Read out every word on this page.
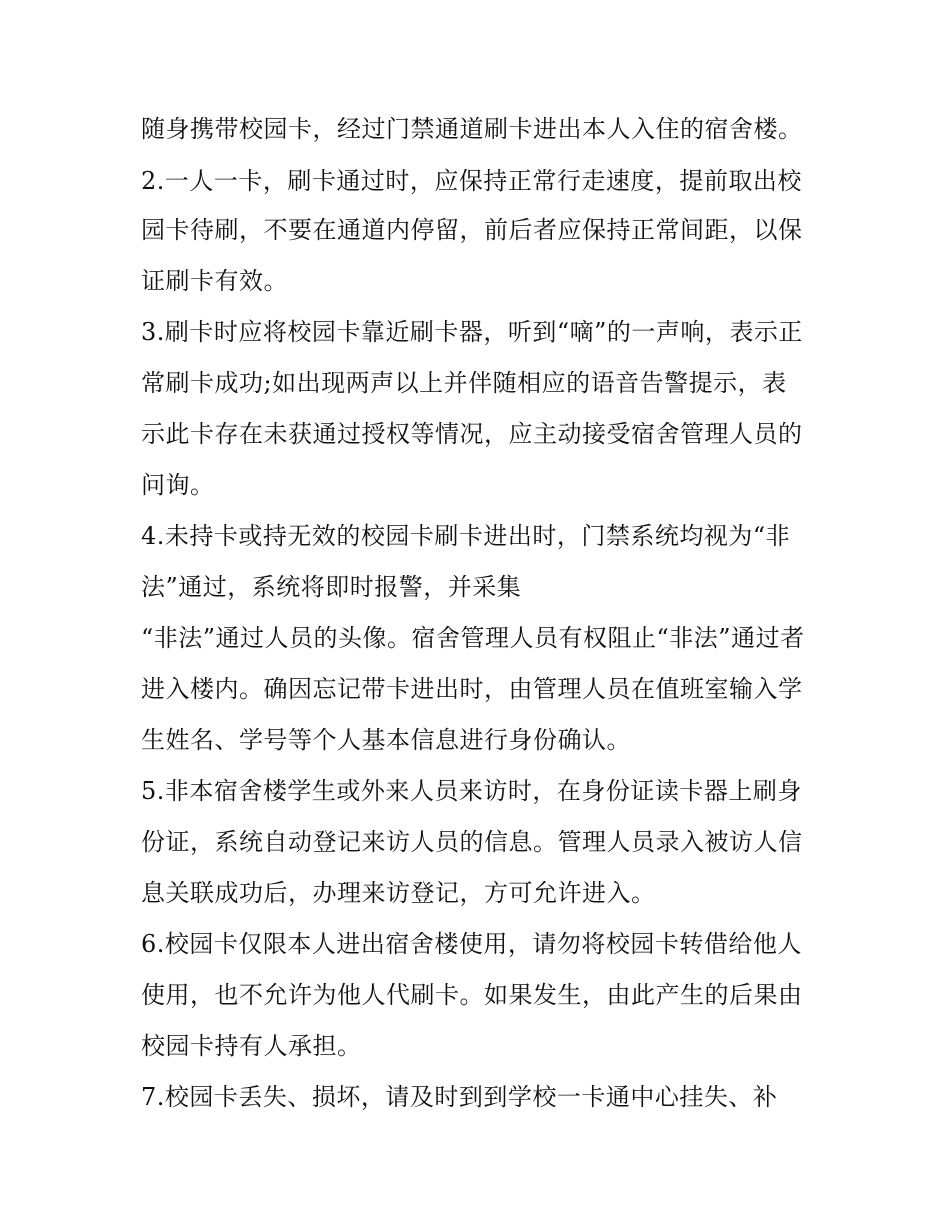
随身携带校园卡，经过门禁通道刷卡进出本人入住的宿舍楼。
2.一人一卡，刷卡通过时，应保持正常行走速度，提前取出校
园卡待刷，不要在通道内停留，前后者应保持正常间距，以保
证刷卡有效。
3.刷卡时应将校园卡靠近刷卡器，听到“嘀”的一声响，表示正
常刷卡成功;如出现两声以上并伴随相应的语音告警提示，表
示此卡存在未获通过授权等情况，应主动接受宿舍管理人员的
问询。
4.未持卡或持无效的校园卡刷卡进出时，门禁系统均视为“非
法”通过，系统将即时报警，并采集
“非法”通过人员的头像。宿舍管理人员有权阻止“非法”通过者
进入楼内。确因忘记带卡进出时，由管理人员在值班室输入学
生姓名、学号等个人基本信息进行身份确认。
5.非本宿舍楼学生或外来人员来访时，在身份证读卡器上刷身
份证，系统自动登记来访人员的信息。管理人员录入被访人信
息关联成功后，办理来访登记，方可允许进入。
6.校园卡仅限本人进出宿舍楼使用，请勿将校园卡转借给他人
使用，也不允许为他人代刷卡。如果发生，由此产生的后果由
校园卡持有人承担。
7.校园卡丢失、损坏，请及时到到学校一卡通中心挂失、补
